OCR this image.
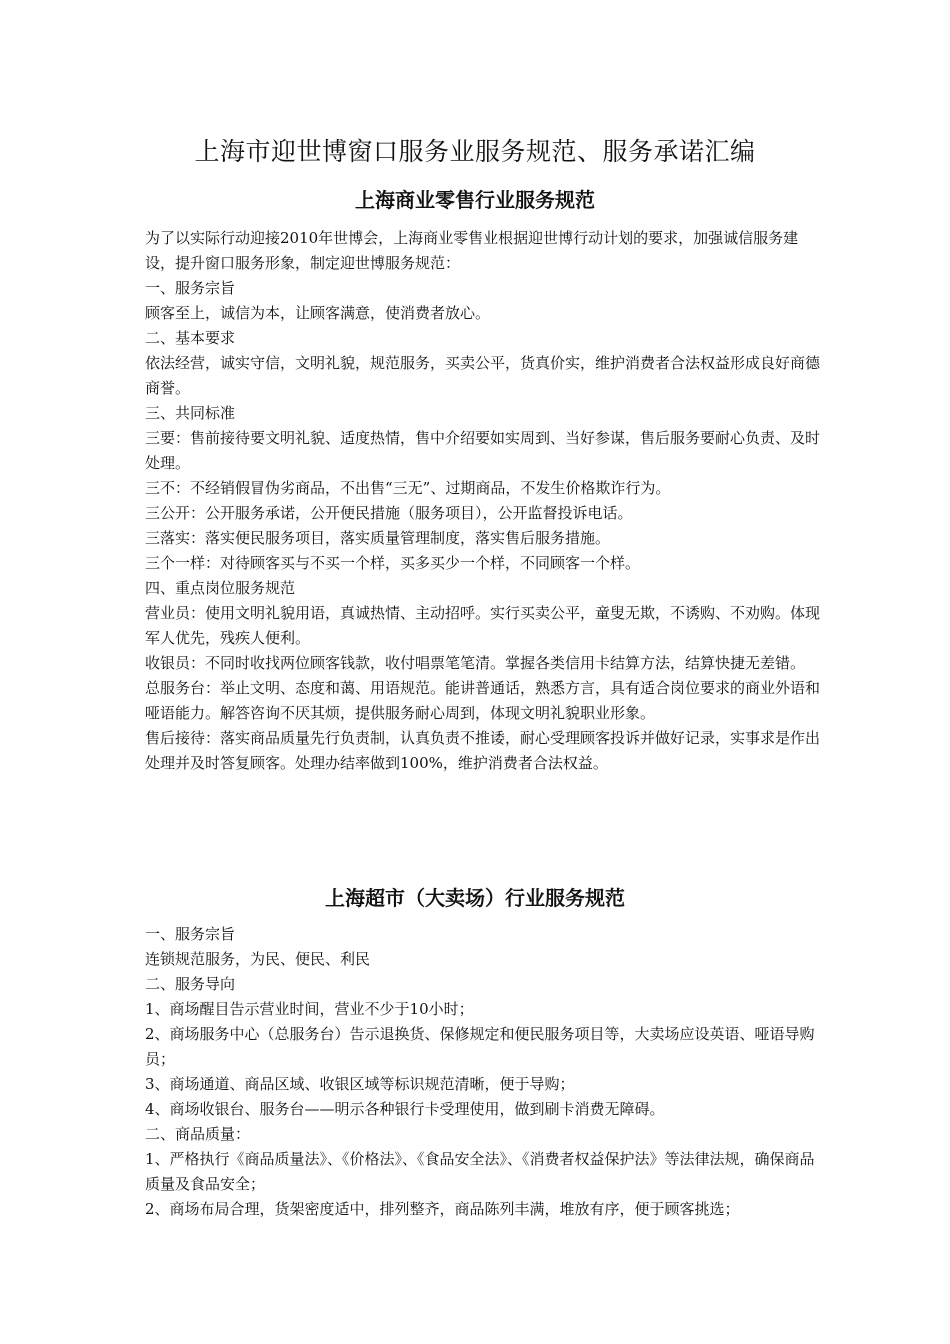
上海市迎世博窗口服务业服务规范、服务承诺汇编
上海商业零售行业服务规范

为了以实际行动迎接2010年世博会，上海商业零售业根据迎世博行动计划的要求，加强诚信服务建设，提升窗口服务形象，制定迎世博服务规范：

一、服务宗旨

顾客至上，诚信为本，让顾客满意，使消费者放心。

二、基本要求

依法经营，诚实守信，文明礼貌，规范服务，买卖公平，货真价实，维护消费者合法权益形成良好商德商誉。

三、共同标准

三要：售前接待要文明礼貌、适度热情，售中介绍要如实周到、当好参谋，售后服务要耐心负责、及时处理。

三不：不经销假冒伪劣商品，不出售“三无”、过期商品，不发生价格欺诈行为。

三公开：公开服务承诺，公开便民措施（服务项目），公开监督投诉电话。

三落实：落实便民服务项目，落实质量管理制度，落实售后服务措施。

三个一样：对待顾客买与不买一个样，买多买少一个样，不同顾客一个样。

四、重点岗位服务规范

营业员：使用文明礼貌用语，真诚热情、主动招呼。实行买卖公平，童叟无欺，不诱购、不劝购。体现军人优先，残疾人便利。

收银员：不同时收找两位顾客钱款，收付唱票笔笔清。掌握各类信用卡结算方法，结算快捷无差错。

总服务台：举止文明、态度和蔼、用语规范。能讲普通话，熟悉方言，具有适合岗位要求的商业外语和哑语能力。解答咨询不厌其烦，提供服务耐心周到，体现文明礼貌职业形象。

售后接待：落实商品质量先行负责制，认真负责不推诿，耐心受理顾客投诉并做好记录，实事求是作出处理并及时答复顾客。处理办结率做到100%，维护消费者合法权益。

上海超市（大卖场）行业服务规范

一、服务宗旨

连锁规范服务，为民、便民、利民

二、服务导向

1、商场醒目告示营业时间，营业不少于10小时；

2、商场服务中心（总服务台）告示退换货、保修规定和便民服务项目等，大卖场应设英语、哑语导购员；

3、商场通道、商品区域、收银区域等标识规范清晰，便于导购；

4、商场收银台、服务台——明示各种银行卡受理使用，做到刷卡消费无障碍。

二、商品质量：

1、严格执行《商品质量法》、《价格法》、《食品安全法》、《消费者权益保护法》等法律法规，确保商品质量及食品安全；

2、商场布局合理，货架密度适中，排列整齐，商品陈列丰满，堆放有序，便于顾客挑选；
